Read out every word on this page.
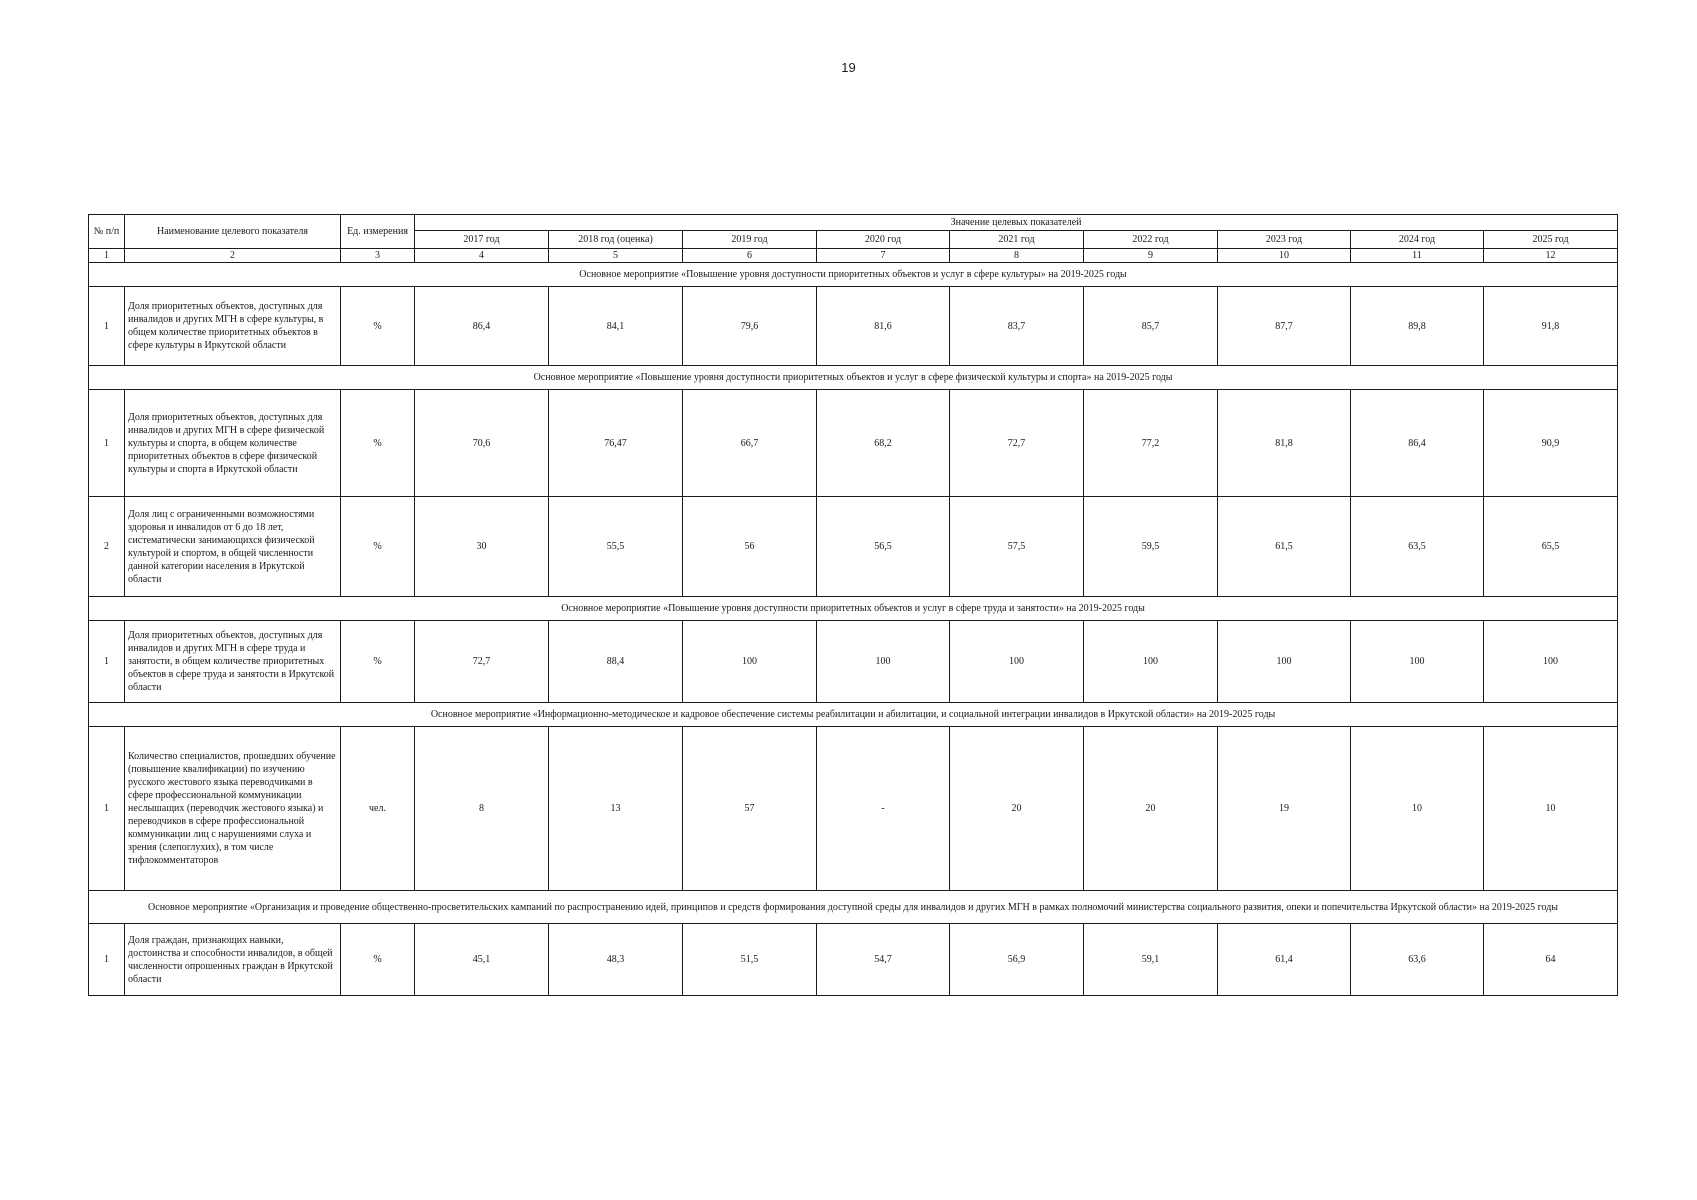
19
№ п/п	Наименование целевого показателя	Ед. измерения	Значение целевых показателей								
			2017 год	2018 год (оценка)	2019 год	2020 год	2021 год	2022 год	2023 год	2024 год	2025 год
1	2	3	4	5	6	7	8	9	10	11	12
Основное мероприятие «Повышение уровня доступности приоритетных объектов и услуг в сфере культуры» на 2019-2025 годы											
1	Доля приоритетных объектов, доступных для инвалидов и других МГН в сфере культуры, в общем количестве приоритетных объектов в сфере культуры в Иркутской области	%	86,4	84,1	79,6	81,6	83,7	85,7	87,7	89,8	91,8
Основное мероприятие «Повышение уровня доступности приоритетных объектов и услуг в сфере физической культуры и спорта» на 2019-2025 годы											
1	Доля приоритетных объектов, доступных для инвалидов и других МГН в сфере физической культуры и спорта, в общем количестве приоритетных объектов в сфере физической культуры и спорта в Иркутской области	%	70,6	76,47	66,7	68,2	72,7	77,2	81,8	86,4	90,9
2	Доля лиц с ограниченными возможностями здоровья и инвалидов от 6 до 18 лет, систематически занимающихся физической культурой и спортом, в общей численности данной категории населения в Иркутской области	%	30	55,5	56	56,5	57,5	59,5	61,5	63,5	65,5
Основное мероприятие «Повышение уровня доступности приоритетных объектов и услуг в сфере труда и занятости» на 2019-2025 годы											
1	Доля приоритетных объектов, доступных для инвалидов и других МГН в сфере труда и занятости, в общем количестве приоритетных объектов в сфере труда и занятости в Иркутской области	%	72,7	88,4	100	100	100	100	100	100	100
Основное мероприятие «Информационно-методическое и кадровое обеспечение системы реабилитации и абилитации, и социальной интеграции инвалидов в Иркутской области» на 2019-2025 годы											
1	Количество специалистов, прошедших обучение (повышение квалификации) по изучению русского жестового языка переводчиками в сфере профессиональной коммуникации неслышащих (переводчик жестового языка) и переводчиков в сфере профессиональной коммуникации лиц с нарушениями слуха и зрения (слепоглухих), в том числе тифлокомментаторов	чел.	8	13	57	-	20	20	19	10	10
Основное мероприятие «Организация и проведение общественно-просветительских кампаний по распространению идей, принципов и средств формирования доступной среды для инвалидов и других МГН в рамках полномочий министерства социального развития, опеки и попечительства Иркутской области» на 2019-2025 годы											
1	Доля граждан, признающих навыки, достоинства и способности инвалидов, в общей численности опрошенных граждан в Иркутской области	%	45,1	48,3	51,5	54,7	56,9	59,1	61,4	63,6	64
